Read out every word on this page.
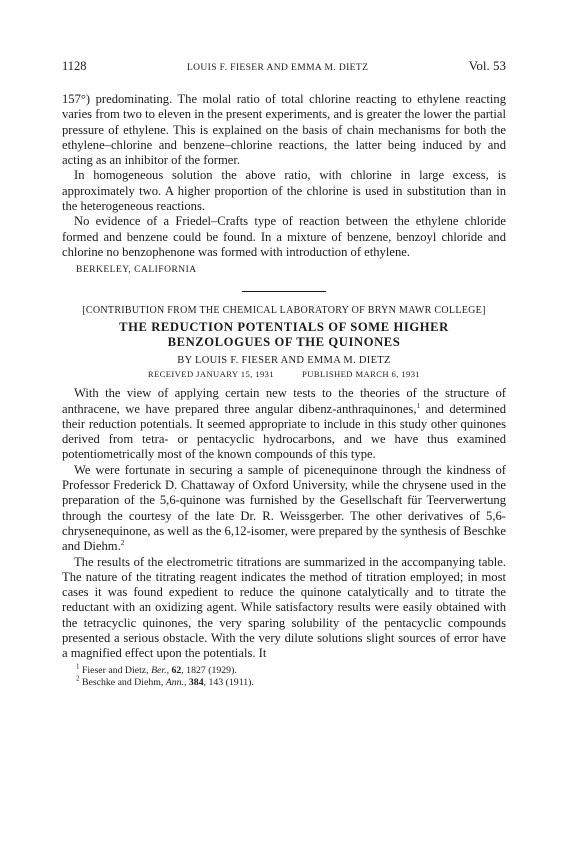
1128	LOUIS F. FIESER AND EMMA M. DIETZ	Vol. 53

157°) predominating. The molal ratio of total chlorine reacting to ethylene reacting varies from two to eleven in the present experiments, and is greater the lower the partial pressure of ethylene. This is explained on the basis of chain mechanisms for both the ethylene–chlorine and benzene–chlorine reactions, the latter being induced by and acting as an inhibitor of the former.

In homogeneous solution the above ratio, with chlorine in large excess, is approximately two. A higher proportion of the chlorine is used in substitution than in the heterogeneous reactions.

No evidence of a Friedel–Crafts type of reaction between the ethylene chloride formed and benzene could be found. In a mixture of benzene, benzoyl chloride and chlorine no benzophenone was formed with introduction of ethylene.

BERKELEY, CALIFORNIA
[CONTRIBUTION FROM THE CHEMICAL LABORATORY OF BRYN MAWR COLLEGE]
THE REDUCTION POTENTIALS OF SOME HIGHER
BENZOLOGUES OF THE QUINONES
BY LOUIS F. FIESER AND EMMA M. DIETZ
RECEIVED JANUARY 15, 1931	PUBLISHED MARCH 6, 1931

With the view of applying certain new tests to the theories of the structure of anthracene, we have prepared three angular dibenz-anthraquinones,$^1$ and determined their reduction potentials. It seemed appropriate to include in this study other quinones derived from tetra- or pentacyclic hydrocarbons, and we have thus examined potentiometrically most of the known compounds of this type.

We were fortunate in securing a sample of picenequinone through the kindness of Professor Frederick D. Chattaway of Oxford University, while the chrysene used in the preparation of the 5,6-quinone was furnished by the Gesellschaft für Teerverwertung through the courtesy of the late Dr. R. Weissgerber. The other derivatives of 5,6-chrysenequinone, as well as the 6,12-isomer, were prepared by the synthesis of Beschke and Diehm.$^2$

The results of the electrometric titrations are summarized in the accompanying table. The nature of the titrating reagent indicates the method of titration employed; in most cases it was found expedient to reduce the quinone catalytically and to titrate the reductant with an oxidizing agent. While satisfactory results were easily obtained with the tetracyclic quinones, the very sparing solubility of the pentacyclic compounds presented a serious obstacle. With the very dilute solutions slight sources of error have a magnified effect upon the potentials. It

$^1$ Fieser and Dietz, Ber., 62, 1827 (1929).
$^2$ Beschke and Diehm, Ann., 384, 143 (1911).
